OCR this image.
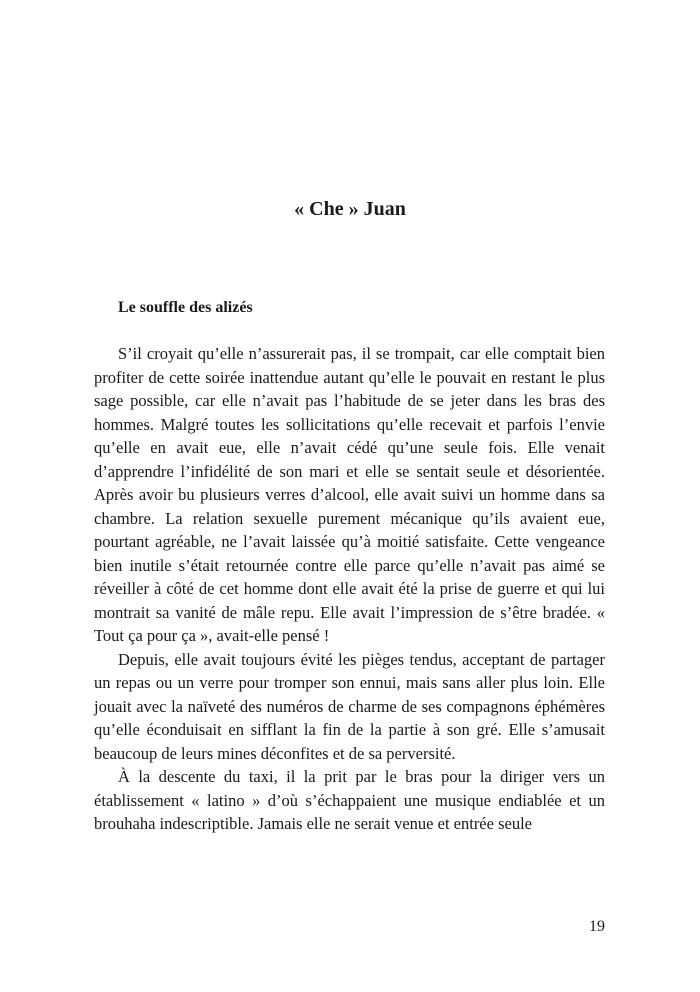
« Che » Juan
Le souffle des alizés

S’il croyait qu’elle n’assurerait pas, il se trompait, car elle comptait bien profiter de cette soirée inattendue autant qu’elle le pouvait en restant le plus sage possible, car elle n’avait pas l’habitude de se jeter dans les bras des hommes. Malgré toutes les sollicitations qu’elle recevait et parfois l’envie qu’elle en avait eue, elle n’avait cédé qu’une seule fois. Elle venait d’apprendre l’infidélité de son mari et elle se sentait seule et désorientée. Après avoir bu plusieurs verres d’alcool, elle avait suivi un homme dans sa chambre. La relation sexuelle purement mécanique qu’ils avaient eue, pourtant agréable, ne l’avait laissée qu’à moitié satisfaite. Cette vengeance bien inutile s’était retournée contre elle parce qu’elle n’avait pas aimé se réveiller à côté de cet homme dont elle avait été la prise de guerre et qui lui montrait sa vanité de mâle repu. Elle avait l’impression de s’être bradée. « Tout ça pour ça », avait-elle pensé !

Depuis, elle avait toujours évité les pièges tendus, acceptant de partager un repas ou un verre pour tromper son ennui, mais sans aller plus loin. Elle jouait avec la naïveté des numéros de charme de ses compagnons éphémères qu’elle éconduisait en sifflant la fin de la partie à son gré. Elle s’amusait beaucoup de leurs mines déconfites et de sa perversité.

À la descente du taxi, il la prit par le bras pour la diriger vers un établissement « latino » d’où s’échappaient une musique endiablée et un brouhaha indescriptible. Jamais elle ne serait venue et entrée seule

19
